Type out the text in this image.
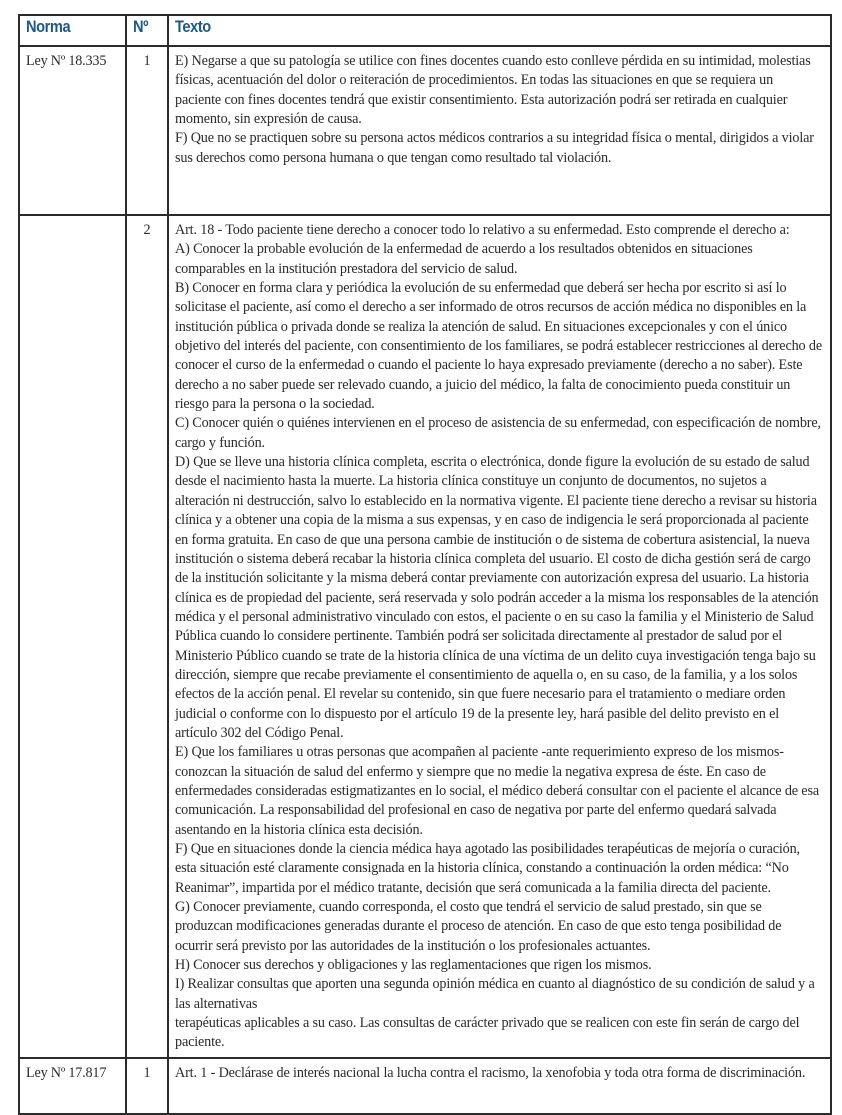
Norma	Nº	Texto
Ley Nº 18.335	1	E) Negarse a que su patología se utilice con fines docentes cuando esto conlleve pérdida en su intimidad, molestias físicas, acentuación del dolor o reiteración de procedimientos. En todas las situaciones en que se requiera un paciente con fines docentes tendrá que existir consentimiento. Esta autorización podrá ser retirada en cualquier momento, sin expresión de causa.
F) Que no se practiquen sobre su persona actos médicos contrarios a su integridad física o mental, dirigidos a violar sus derechos como persona humana o que tengan como resultado tal violación.

	2	Art. 18 - Todo paciente tiene derecho a conocer todo lo relativo a su enfermedad. Esto comprende el derecho a:
A) Conocer la probable evolución de la enfermedad de acuerdo a los resultados obtenidos en situaciones comparables en la institución prestadora del servicio de salud.
B) Conocer en forma clara y periódica la evolución de su enfermedad que deberá ser hecha por escrito si así lo solicitase el paciente, así como el derecho a ser informado de otros recursos de acción médica no disponibles en la institución pública o privada donde se realiza la atención de salud. En situaciones excepcionales y con el único objetivo del interés del paciente, con consentimiento de los familiares, se podrá establecer restricciones al derecho de conocer el curso de la enfermedad o cuando el paciente lo haya expresado previamente (derecho a no saber). Este derecho a no saber puede ser relevado cuando, a juicio del médico, la falta de conocimiento pueda constituir un riesgo para la persona o la sociedad.
C) Conocer quién o quiénes intervienen en el proceso de asistencia de su enfermedad, con especificación de nombre, cargo y función.
D) Que se lleve una historia clínica completa, escrita o electrónica, donde figure la evolución de su estado de salud desde el nacimiento hasta la muerte. La historia clínica constituye un conjunto de documentos, no sujetos a alteración ni destrucción, salvo lo establecido en la normativa vigente. El paciente tiene derecho a revisar su historia clínica y a obtener una copia de la misma a sus expensas, y en caso de indigencia le será proporcionada al paciente en forma gratuita. En caso de que una persona cambie de institución o de sistema de cobertura asistencial, la nueva institución o sistema deberá recabar la historia clínica completa del usuario. El costo de dicha gestión será de cargo de la institución solicitante y la misma deberá contar previamente con autorización expresa del usuario. La historia clínica es de propiedad del paciente, será reservada y solo podrán acceder a la misma los responsables de la atención médica y el personal administrativo vinculado con estos, el paciente o en su caso la familia y el Ministerio de Salud Pública cuando lo considere pertinente. También podrá ser solicitada directamente al prestador de salud por el Ministerio Público cuando se trate de la historia clínica de una víctima de un delito cuya investigación tenga bajo su dirección, siempre que recabe previamente el consentimiento de aquella o, en su caso, de la familia, y a los solos efectos de la acción penal. El revelar su contenido, sin que fuere necesario para el tratamiento o mediare orden judicial o conforme con lo dispuesto por el artículo 19 de la presente ley, hará pasible del delito previsto en el artículo 302 del Código Penal.
E) Que los familiares u otras personas que acompañen al paciente -ante requerimiento expreso de los mismos- conozcan la situación de salud del enfermo y siempre que no medie la negativa expresa de éste. En caso de enfermedades consideradas estigmatizantes en lo social, el médico deberá consultar con el paciente el alcance de esa comunicación. La responsabilidad del profesional en caso de negativa por parte del enfermo quedará salvada asentando en la historia clínica esta decisión.
F) Que en situaciones donde la ciencia médica haya agotado las posibilidades terapéuticas de mejoría o curación, esta situación esté claramente consignada en la historia clínica, constando a continuación la orden médica: “No Reanimar”, impartida por el médico tratante, decisión que será comunicada a la familia directa del paciente.
G) Conocer previamente, cuando corresponda, el costo que tendrá el servicio de salud prestado, sin que se produzcan modificaciones generadas durante el proceso de atención. En caso de que esto tenga posibilidad de ocurrir será previsto por las autoridades de la institución o los profesionales actuantes.
H) Conocer sus derechos y obligaciones y las reglamentaciones que rigen los mismos.
I) Realizar consultas que aporten una segunda opinión médica en cuanto al diagnóstico de su condición de salud y a las alternativas
terapéuticas aplicables a su caso. Las consultas de carácter privado que se realicen con este fin serán de cargo del paciente.

Ley Nº 17.817	1	Art. 1 - Declárase de interés nacional la lucha contra el racismo, la xenofobia y toda otra forma de discriminación.
